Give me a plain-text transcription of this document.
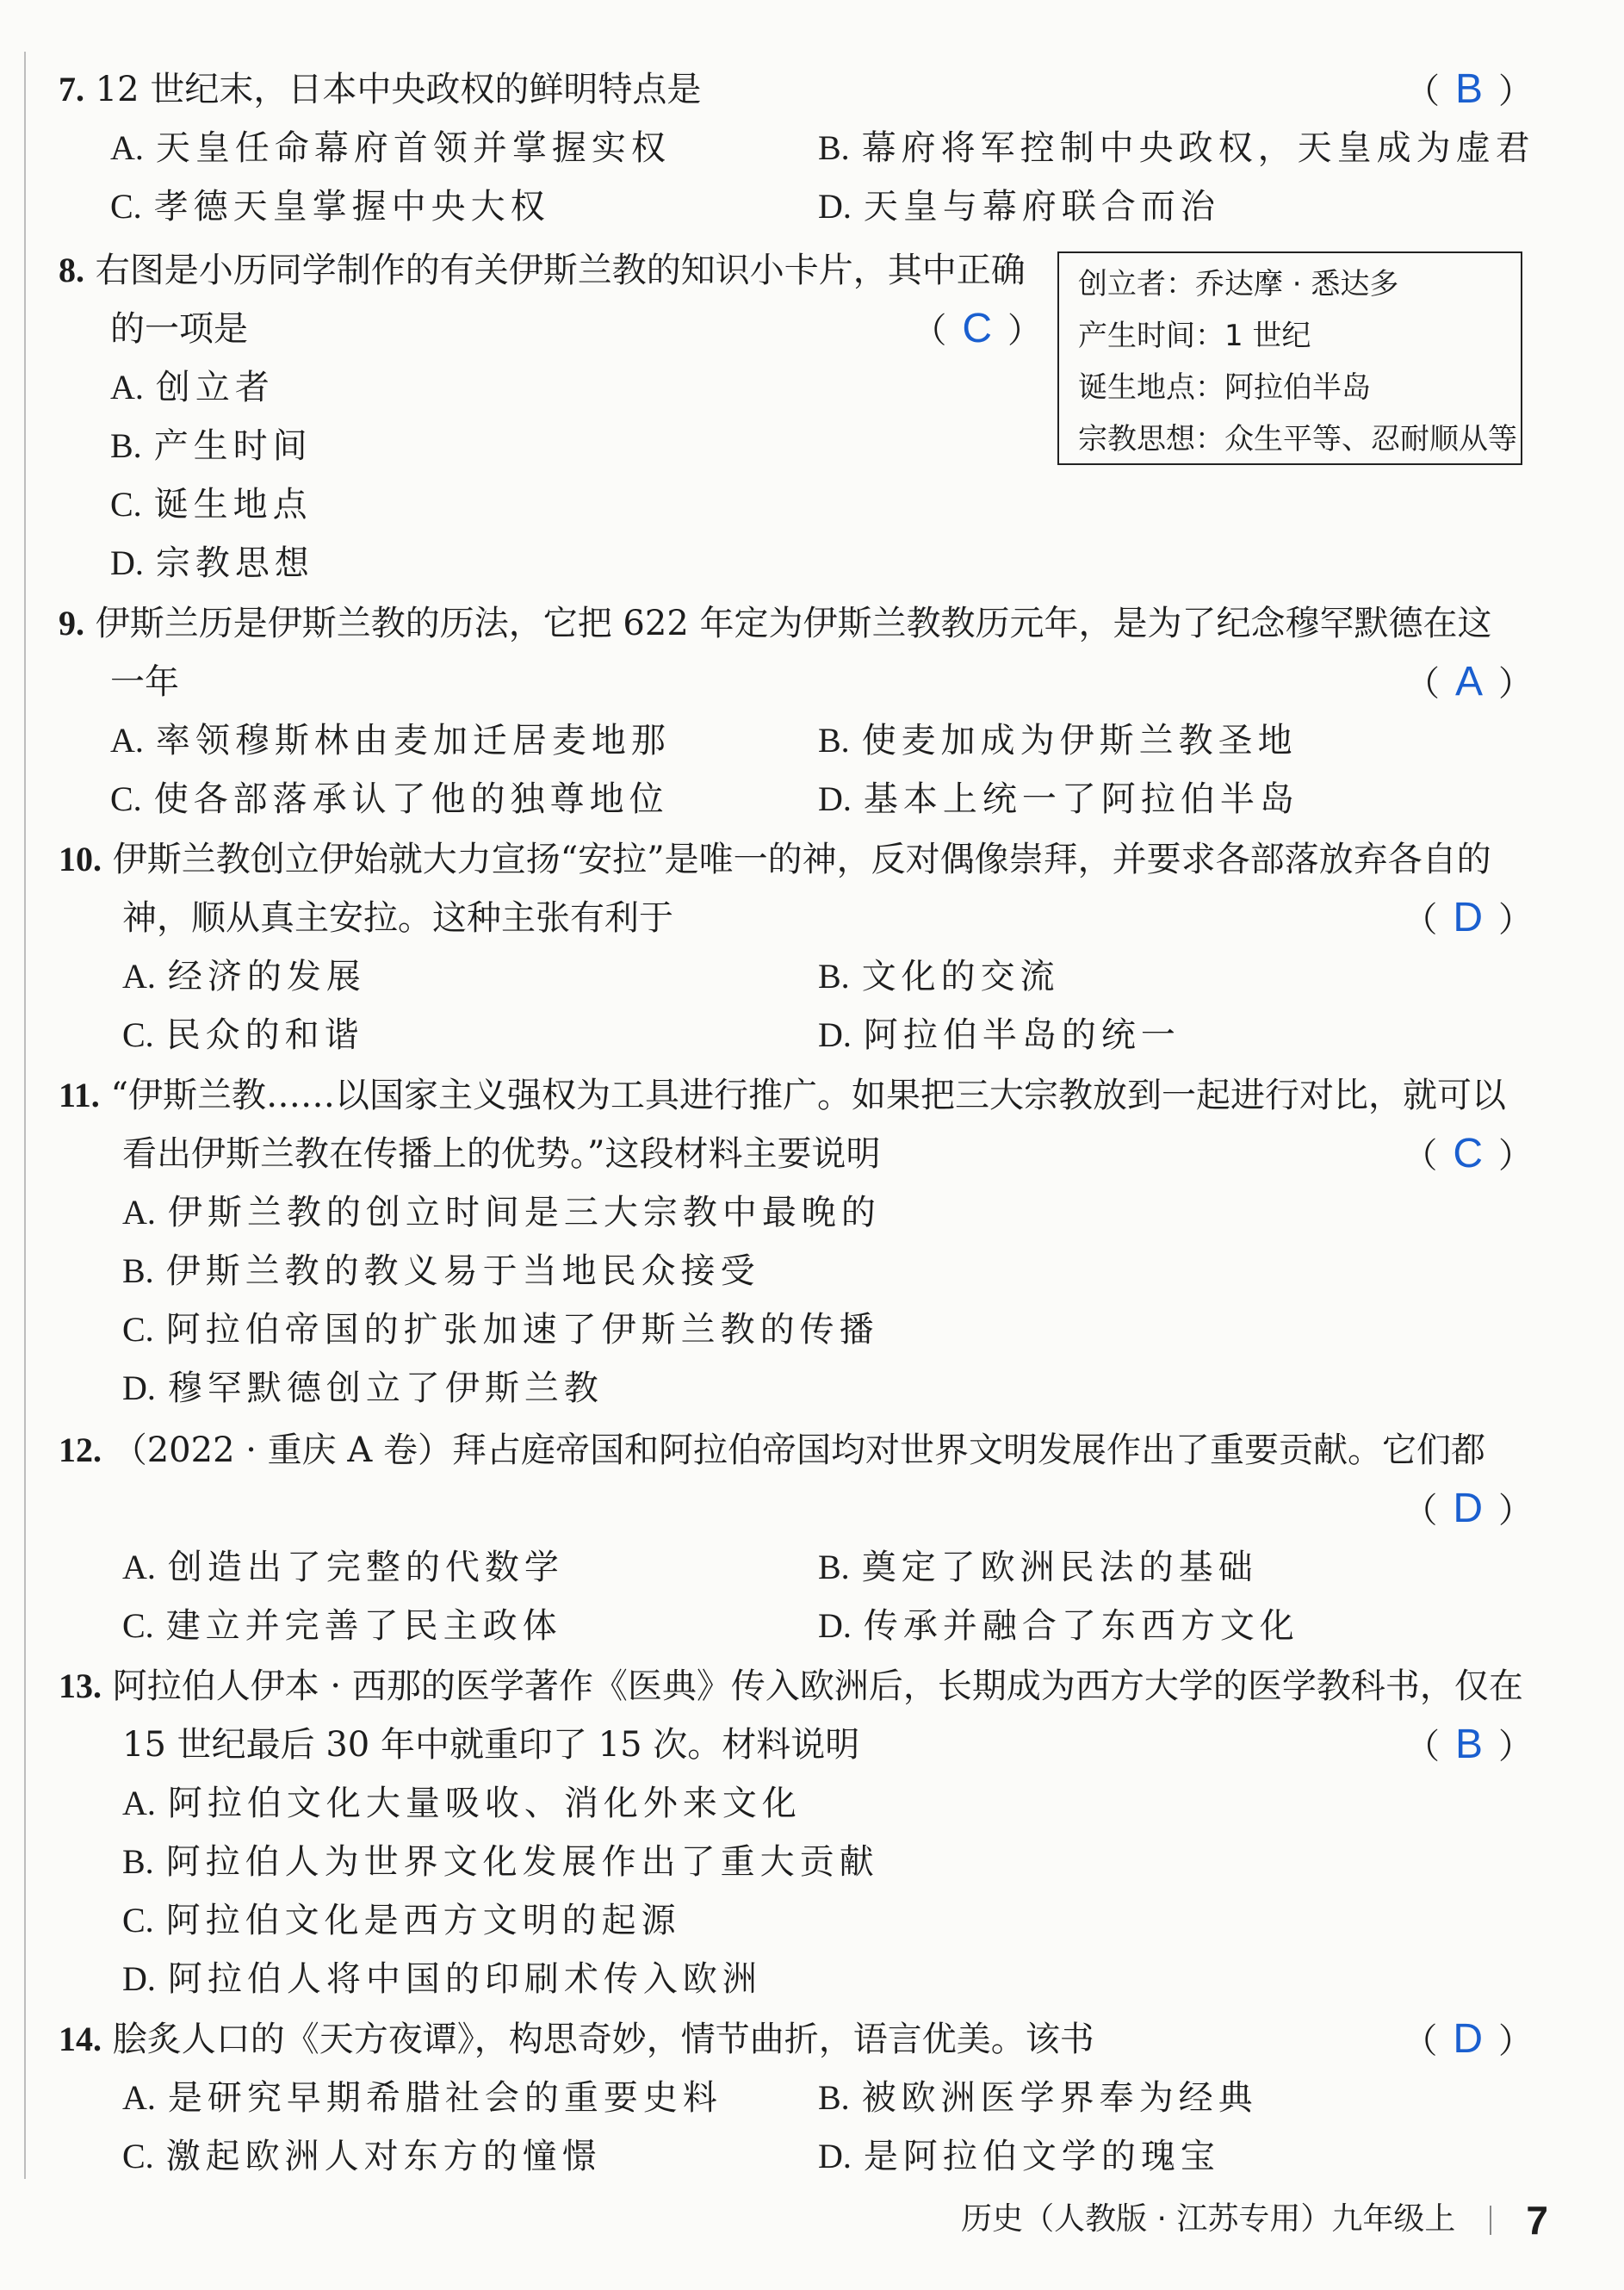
7. 12 世纪末，日本中央政权的鲜明特点是	（ B ）
A. 天皇任命幕府首领并掌握实权	B. 幕府将军控制中央政权，天皇成为虚君
C. 孝德天皇掌握中央大权	D. 天皇与幕府联合而治
8. 右图是小历同学制作的有关伊斯兰教的知识小卡片，其中正确
的一项是	（ C ）
A. 创立者
B. 产生时间
C. 诞生地点
D. 宗教思想
创立者：乔达摩 · 悉达多
产生时间：1 世纪
诞生地点：阿拉伯半岛
宗教思想：众生平等、忍耐顺从等
9. 伊斯兰历是伊斯兰教的历法，它把 622 年定为伊斯兰教教历元年，是为了纪念穆罕默德在这
一年	（ A ）
A. 率领穆斯林由麦加迁居麦地那	B. 使麦加成为伊斯兰教圣地
C. 使各部落承认了他的独尊地位	D. 基本上统一了阿拉伯半岛
10. 伊斯兰教创立伊始就大力宣扬“安拉”是唯一的神，反对偶像崇拜，并要求各部落放弃各自的
神，顺从真主安拉。这种主张有利于	（ D ）
A. 经济的发展	B. 文化的交流
C. 民众的和谐	D. 阿拉伯半岛的统一
11. “伊斯兰教……以国家主义强权为工具进行推广。如果把三大宗教放到一起进行对比，就可以
看出伊斯兰教在传播上的优势。”这段材料主要说明	（ C ）
A. 伊斯兰教的创立时间是三大宗教中最晚的
B. 伊斯兰教的教义易于当地民众接受
C. 阿拉伯帝国的扩张加速了伊斯兰教的传播
D. 穆罕默德创立了伊斯兰教
12. （2022 · 重庆 A 卷）拜占庭帝国和阿拉伯帝国均对世界文明发展作出了重要贡献。它们都
（ D ）
A. 创造出了完整的代数学	B. 奠定了欧洲民法的基础
C. 建立并完善了民主政体	D. 传承并融合了东西方文化
13. 阿拉伯人伊本 · 西那的医学著作《医典》传入欧洲后，长期成为西方大学的医学教科书，仅在
15 世纪最后 30 年中就重印了 15 次。材料说明	（ B ）
A. 阿拉伯文化大量吸收、消化外来文化
B. 阿拉伯人为世界文化发展作出了重大贡献
C. 阿拉伯文化是西方文明的起源
D. 阿拉伯人将中国的印刷术传入欧洲
14. 脍炙人口的《天方夜谭》，构思奇妙，情节曲折，语言优美。该书	（ D ）
A. 是研究早期希腊社会的重要史料	B. 被欧洲医学界奉为经典
C. 激起欧洲人对东方的憧憬	D. 是阿拉伯文学的瑰宝
历史（人教版 · 江苏专用）九年级上 7
